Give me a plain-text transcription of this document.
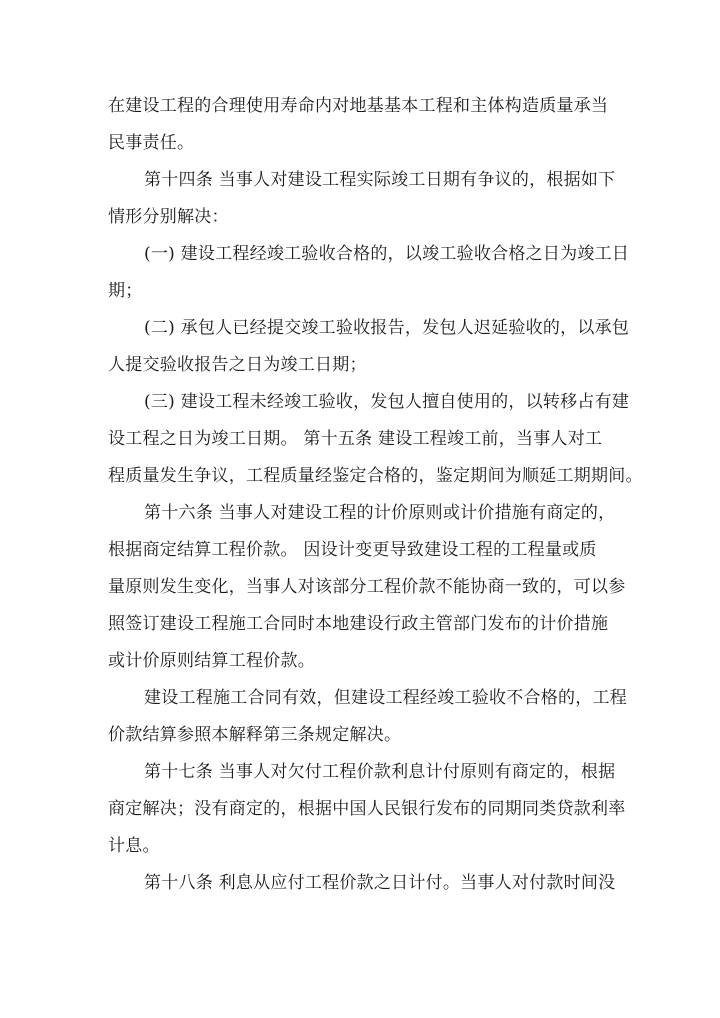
在建设工程的合理使用寿命内对地基基本工程和主体构造质量承当
民事责任。
第十四条 当事人对建设工程实际竣工日期有争议的，根据如下
情形分别解决：
(一) 建设工程经竣工验收合格的，以竣工验收合格之日为竣工日
期；
(二) 承包人已经提交竣工验收报告，发包人迟延验收的，以承包
人提交验收报告之日为竣工日期；
(三) 建设工程未经竣工验收，发包人擅自使用的，以转移占有建
设工程之日为竣工日期。 第十五条 建设工程竣工前，当事人对工
程质量发生争议，工程质量经鉴定合格的，鉴定期间为顺延工期期间。
第十六条 当事人对建设工程的计价原则或计价措施有商定的，
根据商定结算工程价款。 因设计变更导致建设工程的工程量或质
量原则发生变化，当事人对该部分工程价款不能协商一致的，可以参
照签订建设工程施工合同时本地建设行政主管部门发布的计价措施
或计价原则结算工程价款。
建设工程施工合同有效，但建设工程经竣工验收不合格的，工程
价款结算参照本解释第三条规定解决。
第十七条 当事人对欠付工程价款利息计付原则有商定的，根据
商定解决；没有商定的，根据中国人民银行发布的同期同类贷款利率
计息。
第十八条 利息从应付工程价款之日计付。当事人对付款时间没
